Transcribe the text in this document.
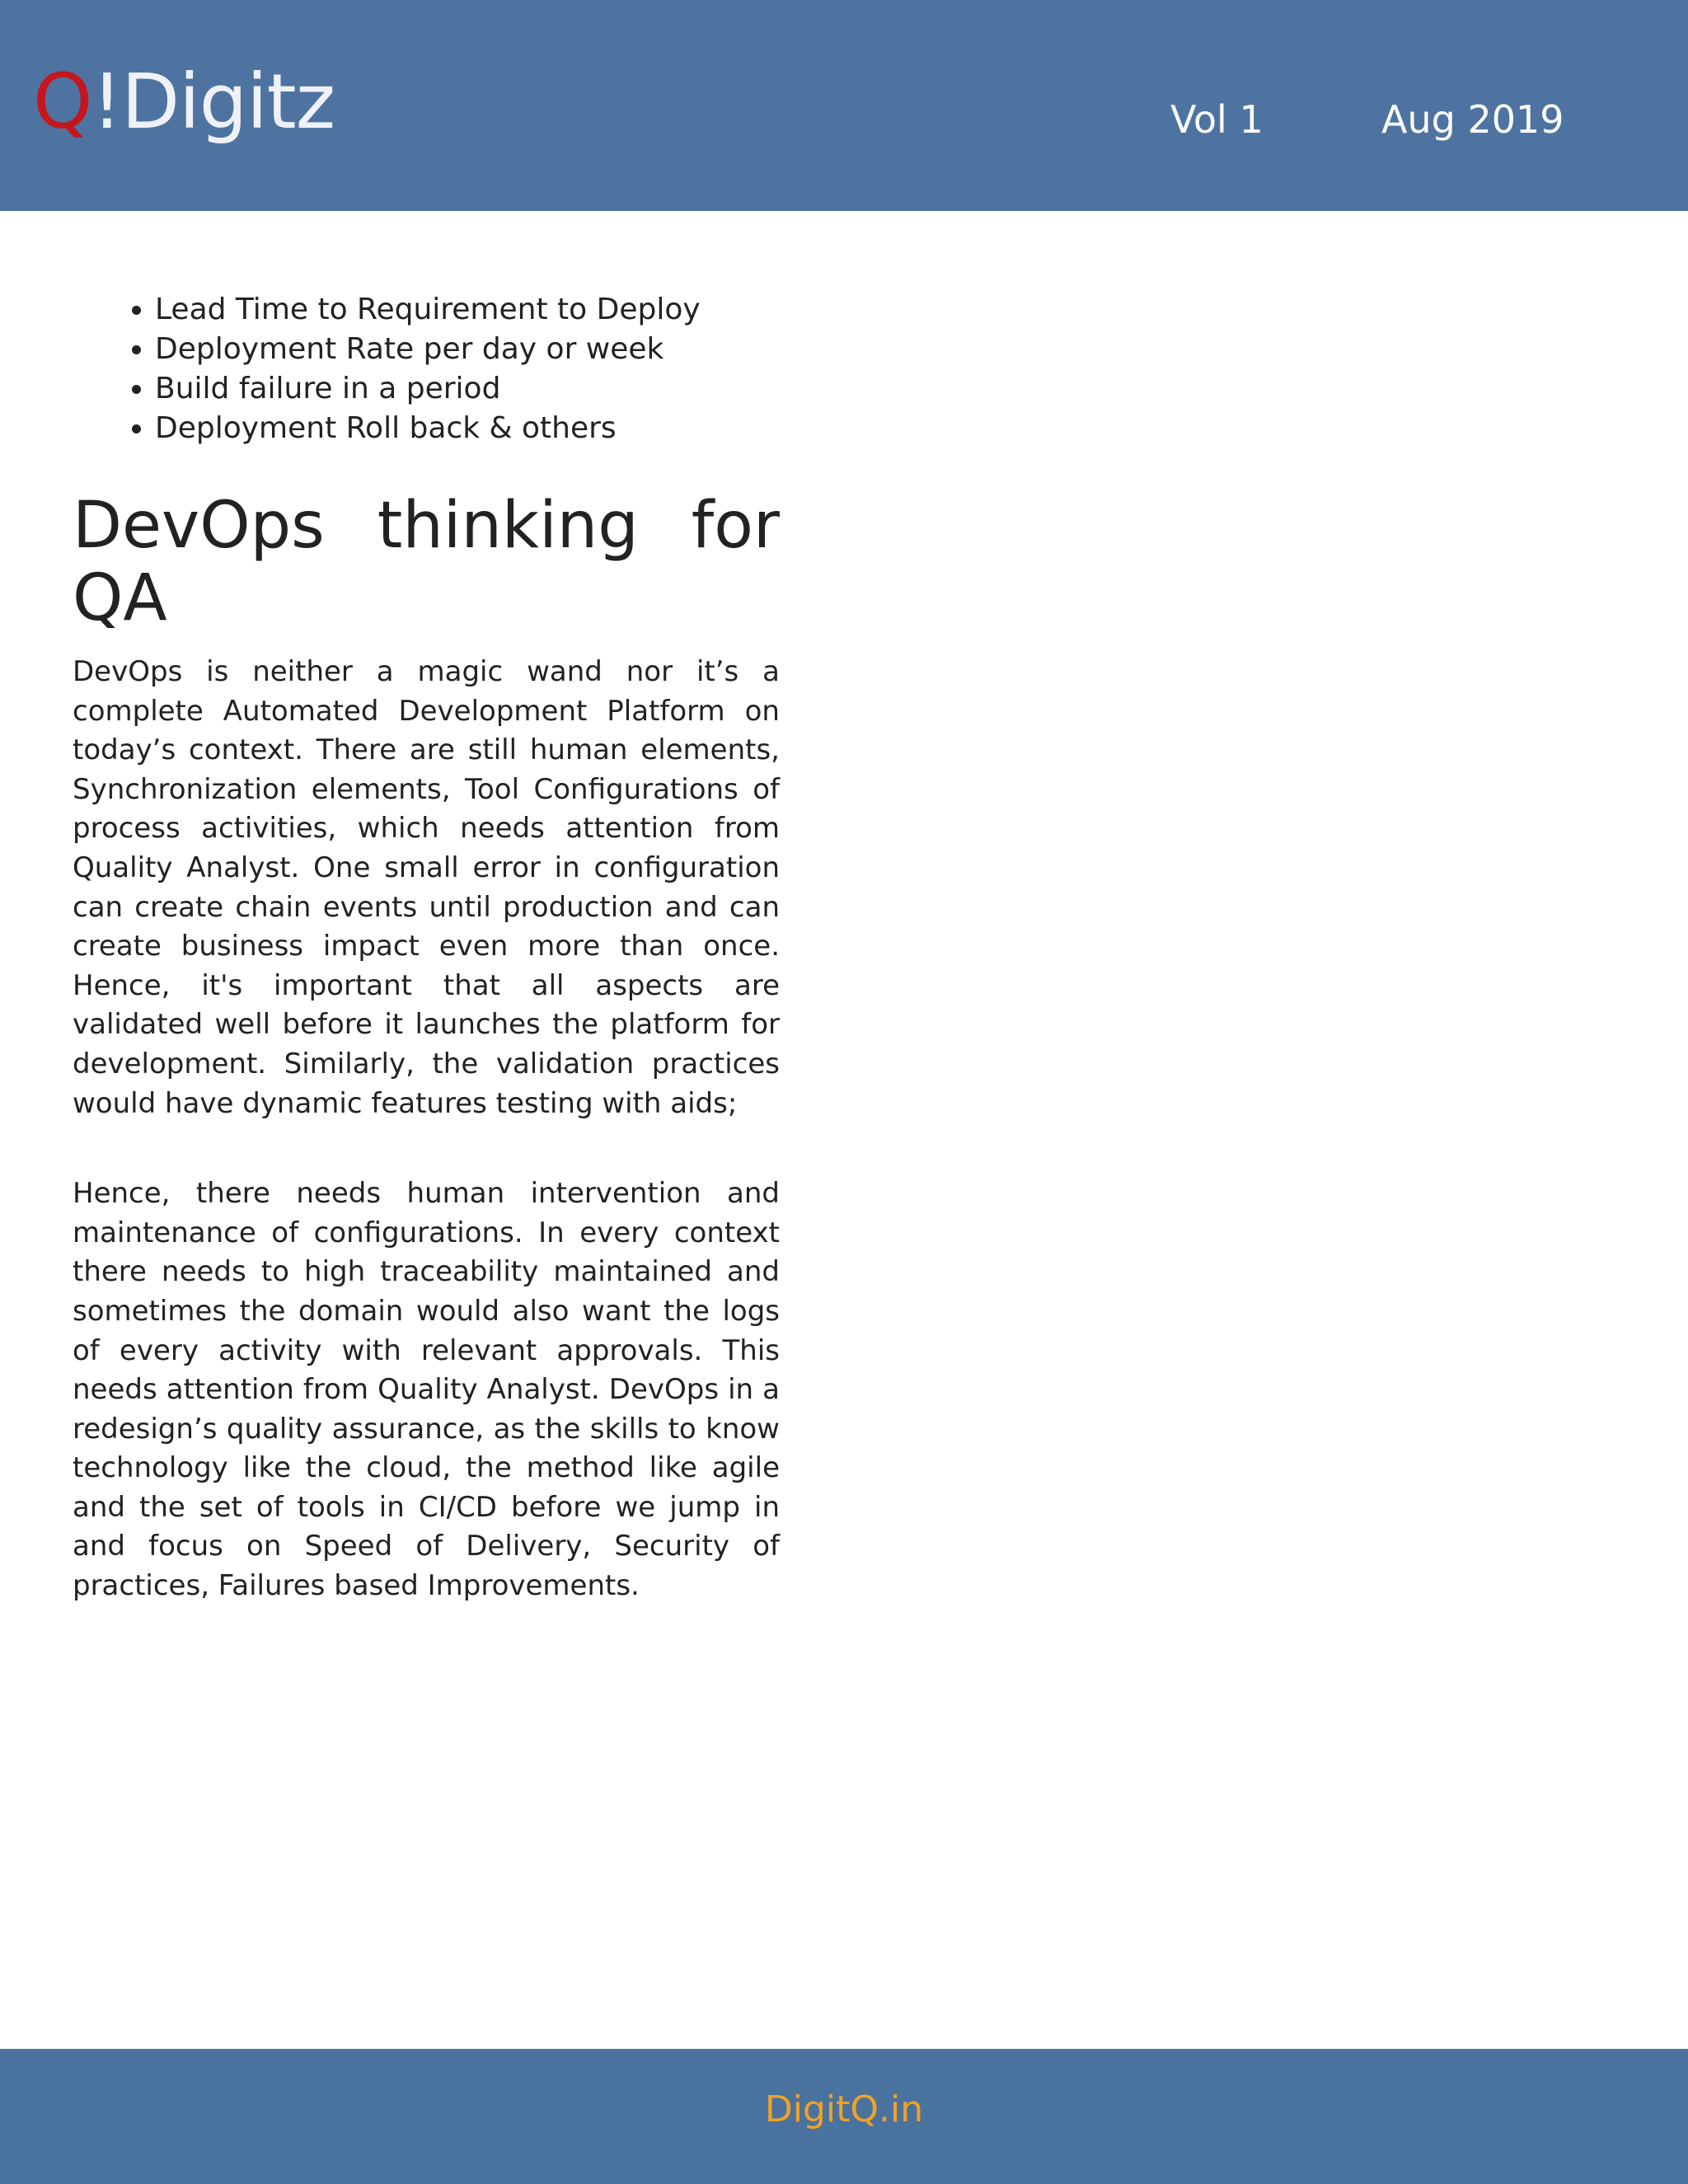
Q!Digitz	Vol 1	Aug 2019
• Lead Time to Requirement to Deploy
• Deployment Rate per day or week
• Build failure in a period
• Deployment Roll back & others
DevOps thinking for QA

DevOps is neither a magic wand nor it’s a complete Automated Development Platform on today’s context. There are still human elements, Synchronization elements, Tool Configurations of process activities, which needs attention from Quality Analyst. One small error in configuration can create chain events until production and can create business impact even more than once. Hence, it's important that all aspects are validated well before it launches the platform for development. Similarly, the validation practices would have dynamic features testing with aids;

Hence, there needs human intervention and maintenance of configurations. In every context there needs to high traceability maintained and sometimes the domain would also want the logs of every activity with relevant approvals. This needs attention from Quality Analyst. DevOps in a redesign’s quality assurance, as the skills to know technology like the cloud, the method like agile and the set of tools in CI/CD before we jump in and focus on Speed of Delivery, Security of practices, Failures based Improvements.

DigitQ.in
